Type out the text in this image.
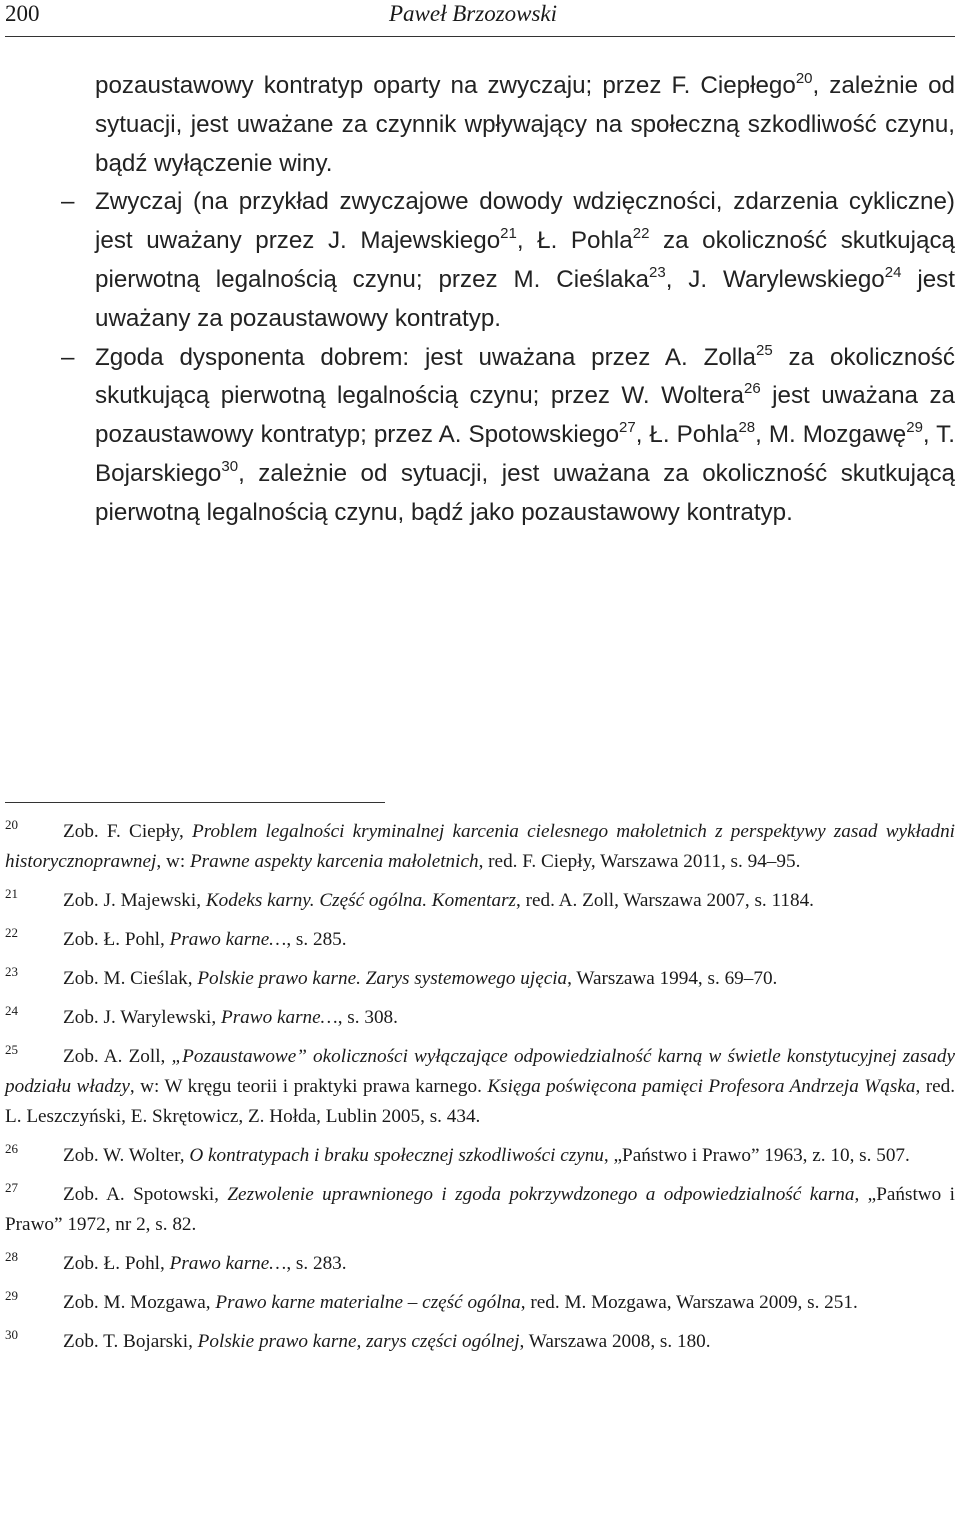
200	Paweł Brzozowski

pozaustawowy kontratyp oparty na zwyczaju; przez F. Ciepłego$^{20}$, zależnie od sytuacji, jest uważane za czynnik wpływający na społeczną szkodliwość czynu, bądź wyłączenie winy.

– Zwyczaj (na przykład zwyczajowe dowody wdzięczności, zdarzenia cykliczne) jest uważany przez J. Majewskiego$^{21}$, Ł. Pohla$^{22}$ za okoliczność skutkującą pierwotną legalnością czynu; przez M. Cieślaka$^{23}$, J. Warylewskiego$^{24}$ jest uważany za pozaustawowy kontratyp.

– Zgoda dysponenta dobrem: jest uważana przez A. Zolla$^{25}$ za okoliczność skutkującą pierwotną legalnością czynu; przez W. Woltera$^{26}$ jest uważana za pozaustawowy kontratyp; przez A. Spotowskiego$^{27}$, Ł. Pohla$^{28}$, M. Mozgawę$^{29}$, T. Bojarskiego$^{30}$, zależnie od sytuacji, jest uważana za okoliczność skutkującą pierwotną legalnością czynu, bądź jako pozaustawowy kontratyp.

20 Zob. F. Ciepły, Problem legalności kryminalnej karcenia cielesnego małoletnich z perspektywy zasad wykładni historycznoprawnej, w: Prawne aspekty karcenia małoletnich, red. F. Ciepły, Warszawa 2011, s. 94–95.

21 Zob. J. Majewski, Kodeks karny. Część ogólna. Komentarz, red. A. Zoll, Warszawa 2007, s. 1184.

22 Zob. Ł. Pohl, Prawo karne…, s. 285.

23 Zob. M. Cieślak, Polskie prawo karne. Zarys systemowego ujęcia, Warszawa 1994, s. 69–70.

24 Zob. J. Warylewski, Prawo karne…, s. 308.

25 Zob. A. Zoll, „Pozaustawowe” okoliczności wyłączające odpowiedzialność karną w świetle konstytucyjnej zasady podziału władzy, w: W kręgu teorii i praktyki prawa karnego. Księga poświęcona pamięci Profesora Andrzeja Wąska, red. L. Leszczyński, E. Skrętowicz, Z. Hołda, Lublin 2005, s. 434.

26 Zob. W. Wolter, O kontratypach i braku społecznej szkodliwości czynu, „Państwo i Prawo” 1963, z. 10, s. 507.

27 Zob. A. Spotowski, Zezwolenie uprawnionego i zgoda pokrzywdzonego a odpowiedzialność karna, „Państwo i Prawo” 1972, nr 2, s. 82.

28 Zob. Ł. Pohl, Prawo karne…, s. 283.

29 Zob. M. Mozgawa, Prawo karne materialne – część ogólna, red. M. Mozgawa, Warszawa 2009, s. 251.

30 Zob. T. Bojarski, Polskie prawo karne, zarys części ogólnej, Warszawa 2008, s. 180.
